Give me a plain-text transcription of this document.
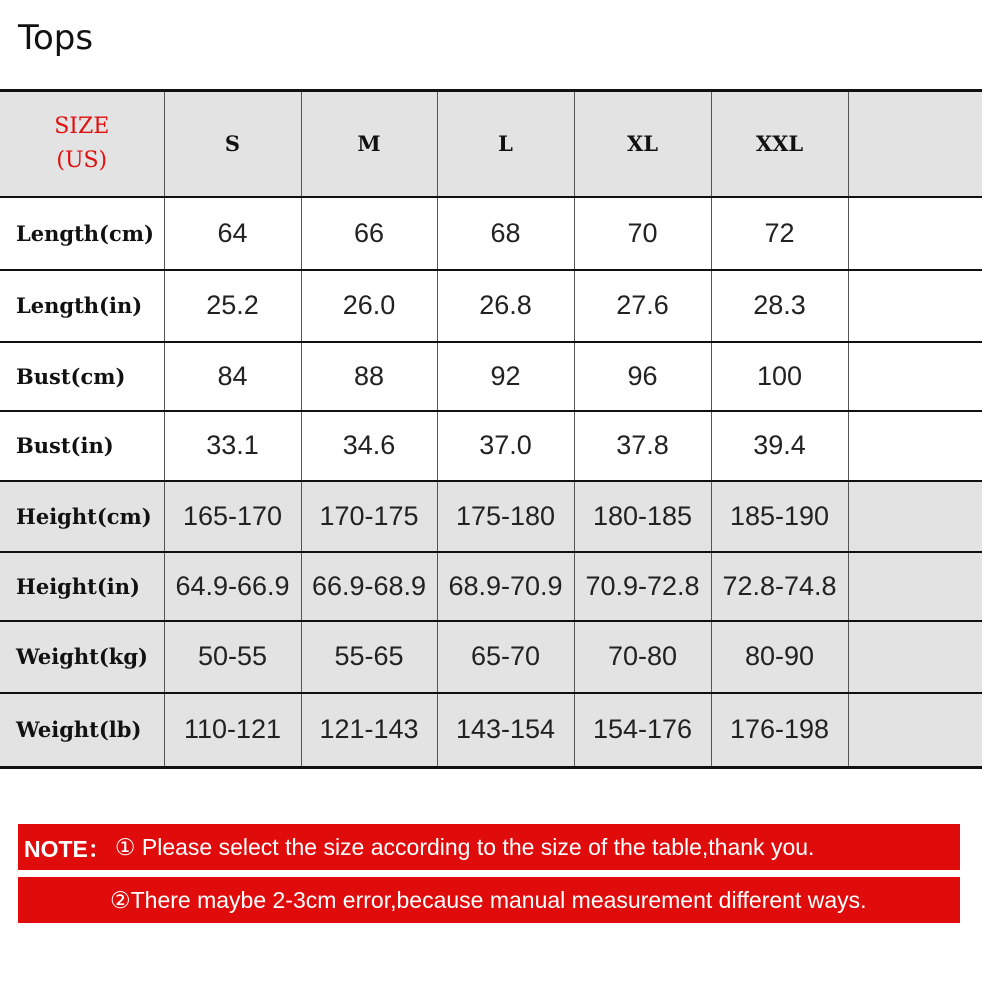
Tops
SIZE
(US)	S	M	L	XL	XXL	
Length(cm)	64	66	68	70	72	
Length(in)	25.2	26.0	26.8	27.6	28.3	
Bust(cm)	84	88	92	96	100	
Bust(in)	33.1	34.6	37.0	37.8	39.4	
Height(cm)	165-170	170-175	175-180	180-185	185-190	
Height(in)	64.9-66.9	66.9-68.9	68.9-70.9	70.9-72.8	72.8-74.8	
Weight(kg)	50-55	55-65	65-70	70-80	80-90	
Weight(lb)	110-121	121-143	143-154	154-176	176-198	
NOTE： ① Please select the size according to the size of the table,thank you.
②There maybe 2-3cm error,because manual measurement different ways.
